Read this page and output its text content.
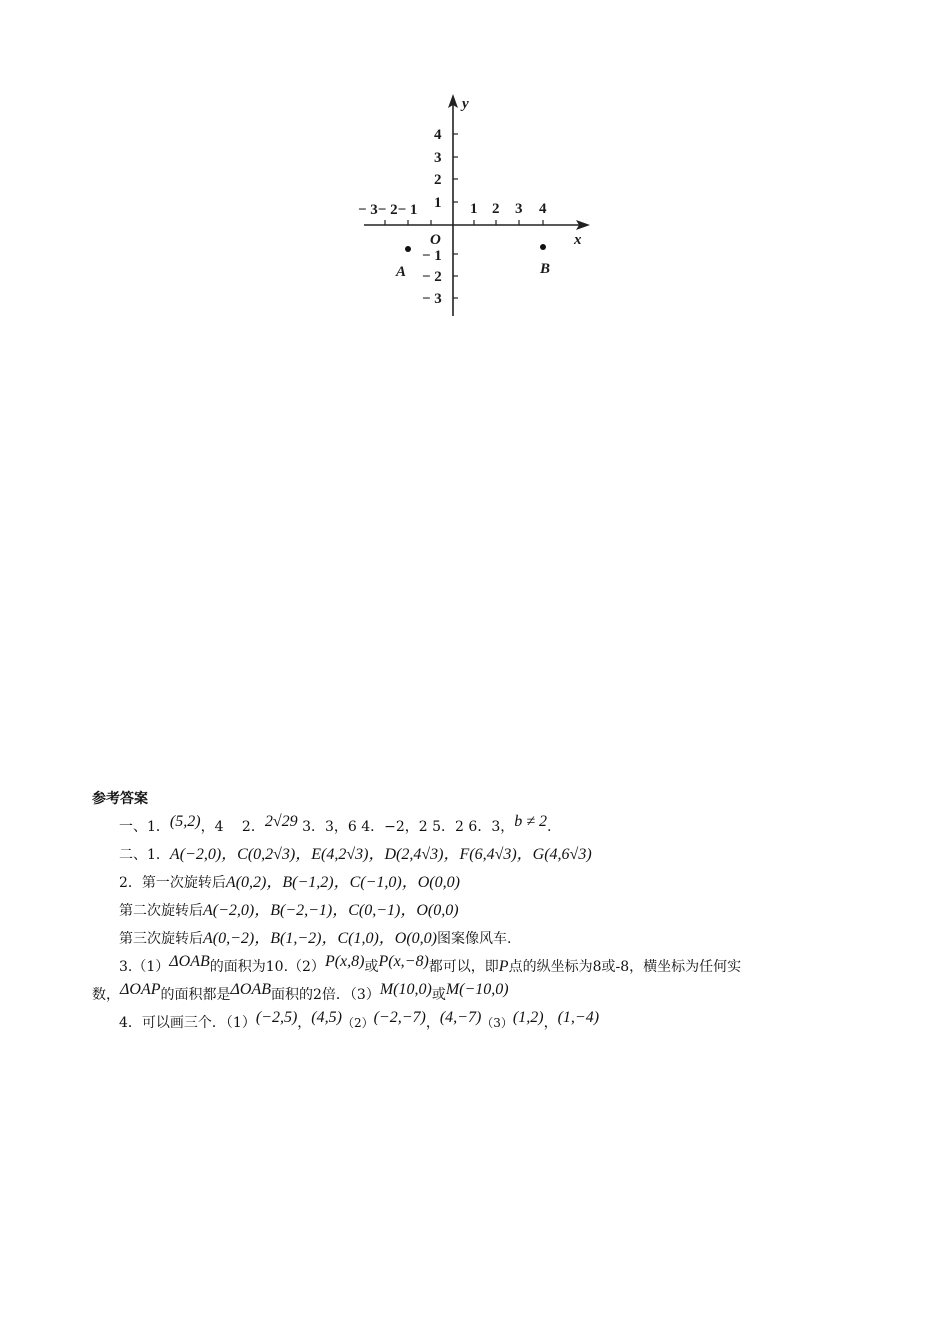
y
x
O
4
3
2
1
− 3− 2− 1	1 2 3 4
− 1
− 2
− 3
A	B
参考答案
一、1．(5,2)，4　 2．2√29 3．3，6 4．−2，2 5．2 6．3，b ≠ 2.
二、1．A(−2,0)，C(0,2√3)，E(4,2√3)，D(2,4√3)，F(6,4√3)，G(4,6√3)
2．第一次旋转后A(0,2)，B(−1,2)，C(−1,0)，O(0,0)
第二次旋转后A(−2,0)，B(−2,−1)，C(0,−1)，O(0,0)
第三次旋转后A(0,−2)，B(1,−2)，C(1,0)，O(0,0)图案像风车.
3.（1）ΔOAB的面积为10.（2）P(x,8)或P(x,−8)都可以，即P点的纵坐标为8或-8，横坐标为任何实
数，ΔOAP的面积都是ΔOAB面积的2倍．（3）M(10,0)或M(−10,0)
4．可以画三个．（1）(−2,5)，(4,5)（2）(−2,−7)，(4,−7)（3）(1,2)，(1,−4)
